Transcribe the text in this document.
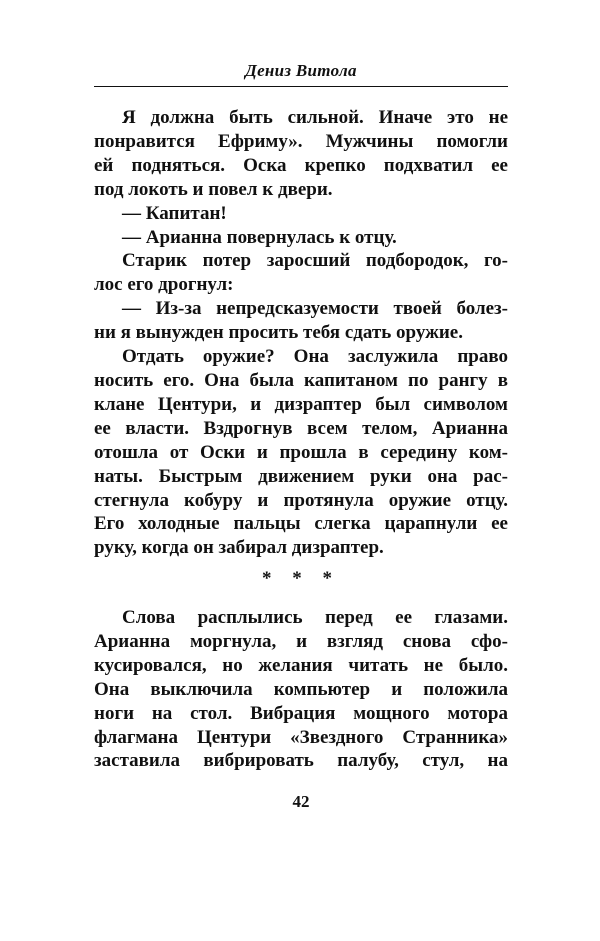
Дениз Витола

Я должна быть сильной. Иначе это не
понравится Ефриму». Мужчины помогли
ей подняться. Оска крепко подхватил ее
под локоть и повел к двери.

— Капитан!

— Арианна повернулась к отцу.

Старик потер заросший подбородок, го-
лос его дрогнул:

— Из-за непредсказуемости твоей болез-
ни я вынужден просить тебя сдать оружие.

Отдать оружие? Она заслужила право
носить его. Она была капитаном по рангу в
клане Центури, и дизраптер был символом
ее власти. Вздрогнув всем телом, Арианна
отошла от Оски и прошла в середину ком-
наты. Быстрым движением руки она рас-
стегнула кобуру и протянула оружие отцу.
Его холодные пальцы слегка царапнули ее
руку, когда он забирал дизраптер.

* * *

Слова расплылись перед ее глазами.
Арианна моргнула, и взгляд снова сфо-
кусировался, но желания читать не было.
Она выключила компьютер и положила
ноги на стол. Вибрация мощного мотора
флагмана Центури «Звездного Странника»
заставила вибрировать палубу, стул, на

42
